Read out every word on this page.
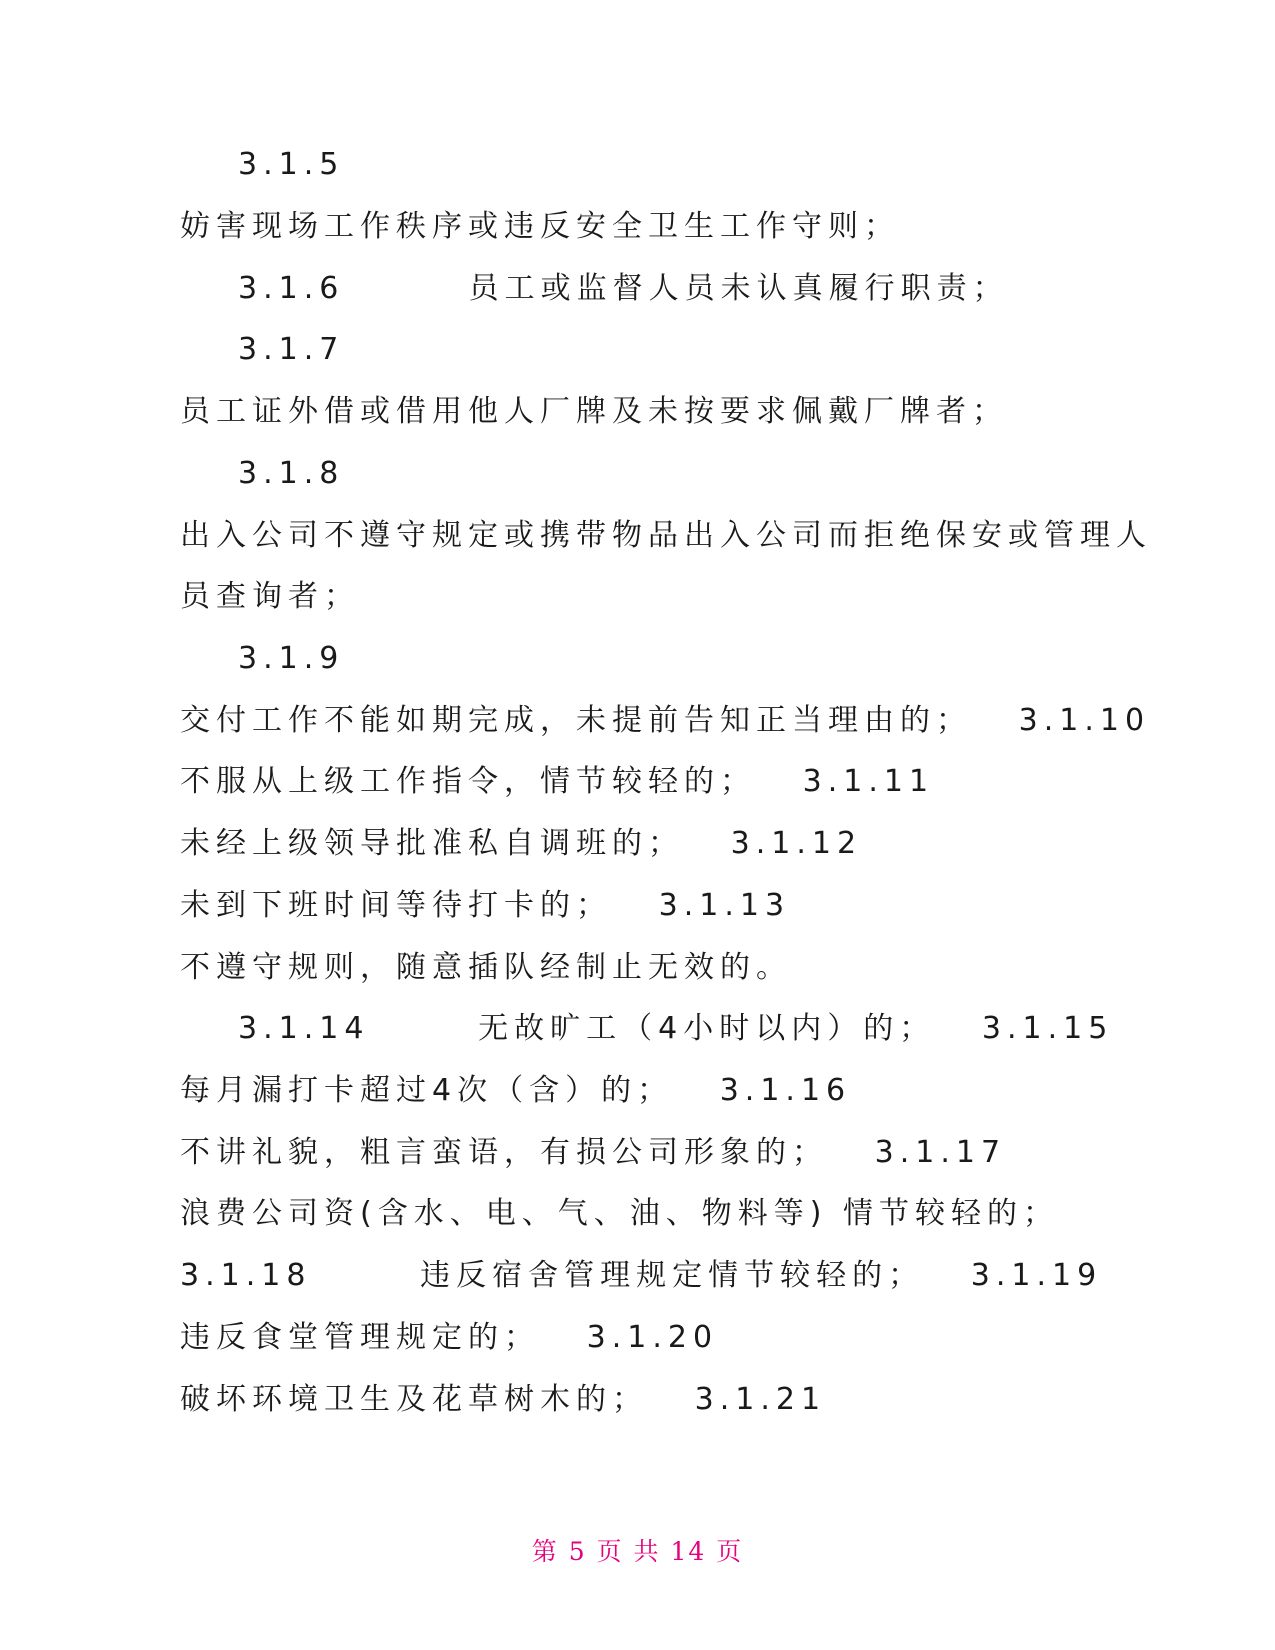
3.1.5
妨害现场工作秩序或违反安全卫生工作守则；
3.1.6        员工或监督人员未认真履行职责；
3.1.7
员工证外借或借用他人厂牌及未按要求佩戴厂牌者；
3.1.8
出入公司不遵守规定或携带物品出入公司而拒绝保安或管理人
员查询者；
3.1.9
交付工作不能如期完成，未提前告知正当理由的；   3.1.10
不服从上级工作指令，情节较轻的；   3.1.11
未经上级领导批准私自调班的；   3.1.12
未到下班时间等待打卡的；   3.1.13
不遵守规则，随意插队经制止无效的。
3.1.14       无故旷工（4小时以内）的；   3.1.15
每月漏打卡超过4次（含）的；   3.1.16
不讲礼貌，粗言蛮语，有损公司形象的；   3.1.17
浪费公司资(含水、电、气、油、物料等) 情节较轻的；
3.1.18       违反宿舍管理规定情节较轻的；   3.1.19
违反食堂管理规定的；   3.1.20
破坏环境卫生及花草树木的；   3.1.21
第 5 页 共 14 页
